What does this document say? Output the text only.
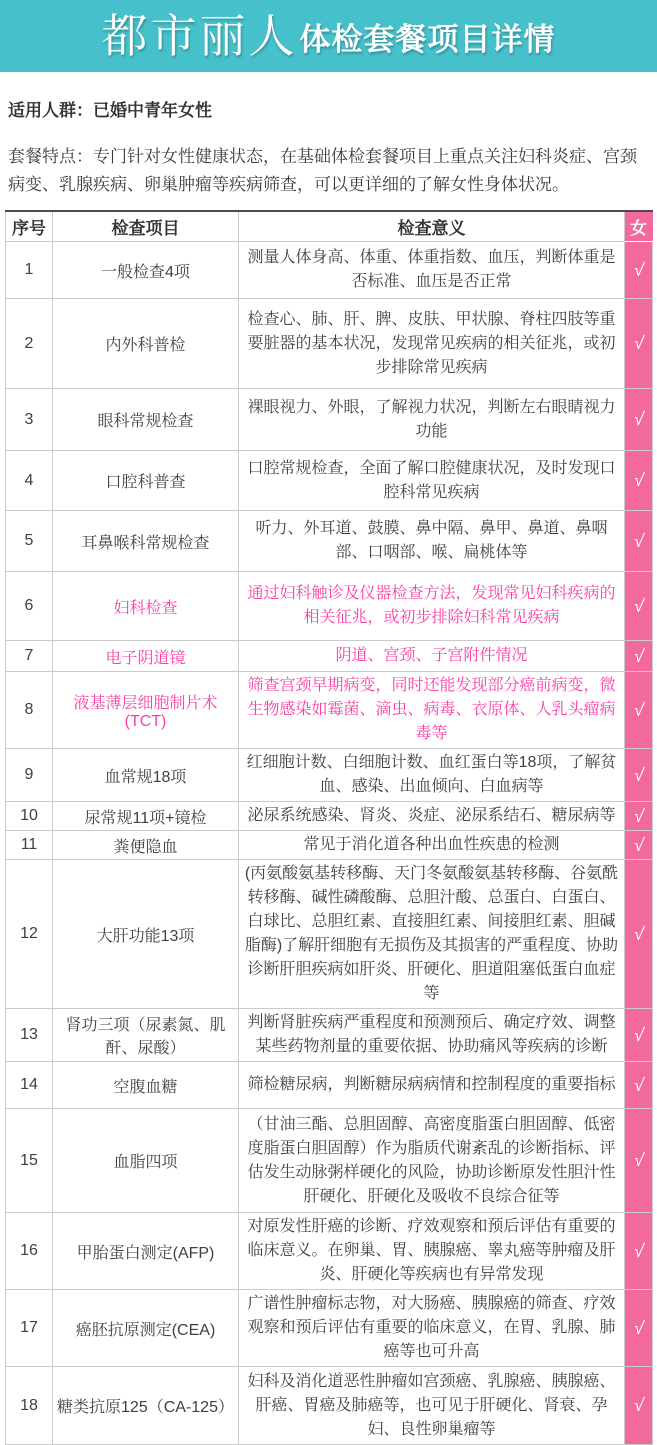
都市丽人 体检套餐项目详情
适用人群：已婚中青年女性
套餐特点：专门针对女性健康状态，在基础体检套餐项目上重点关注妇科炎症、宫颈病变、乳腺疾病、卵巢肿瘤等疾病筛查，可以更详细的了解女性身体状况。
序号	检查项目	检查意义	女
1	一般检查4项	测量人体身高、体重、体重指数、血压，判断体重是否标准、血压是否正常	√
2	内外科普检	检查心、肺、肝、脾、皮肤、甲状腺、脊柱四肢等重要脏器的基本状况，发现常见疾病的相关征兆，或初步排除常见疾病	√
3	眼科常规检查	裸眼视力、外眼，了解视力状况，判断左右眼睛视力功能	√
4	口腔科普查	口腔常规检查，全面了解口腔健康状况，及时发现口腔科常见疾病	√
5	耳鼻喉科常规检查	听力、外耳道、鼓膜、鼻中隔、鼻甲、鼻道、鼻咽部、口咽部、喉、扁桃体等	√
6	妇科检查	通过妇科触诊及仪器检查方法，发现常见妇科疾病的相关征兆，或初步排除妇科常见疾病	√
7	电子阴道镜	阴道、宫颈、子宫附件情况	√
8	液基薄层细胞制片术(TCT)	筛查宫颈早期病变，同时还能发现部分癌前病变，微生物感染如霉菌、滴虫、病毒、衣原体、人乳头瘤病毒等	√
9	血常规18项	红细胞计数、白细胞计数、血红蛋白等18项，了解贫血、感染、出血倾向、白血病等	√
10	尿常规11项+镜检	泌尿系统感染、肾炎、炎症、泌尿系结石、糖尿病等	√
11	粪便隐血	常见于消化道各种出血性疾患的检测	√
12	大肝功能13项	(丙氨酸氨基转移酶、天门冬氨酸氨基转移酶、谷氨酰转移酶、碱性磷酸酶、总胆汁酸、总蛋白、白蛋白、白球比、总胆红素、直接胆红素、间接胆红素、胆碱脂酶)了解肝细胞有无损伤及其损害的严重程度、协助诊断肝胆疾病如肝炎、肝硬化、胆道阻塞低蛋白血症等	√
13	肾功三项（尿素氮、肌酐、尿酸）	判断肾脏疾病严重程度和预测预后、确定疗效、调整某些药物剂量的重要依据、协助痛风等疾病的诊断	√
14	空腹血糖	筛检糖尿病，判断糖尿病病情和控制程度的重要指标	√
15	血脂四项	（甘油三酯、总胆固醇、高密度脂蛋白胆固醇、低密度脂蛋白胆固醇）作为脂质代谢紊乱的诊断指标、评估发生动脉粥样硬化的风险，协助诊断原发性胆汁性肝硬化、肝硬化及吸收不良综合征等	√
16	甲胎蛋白测定(AFP)	对原发性肝癌的诊断、疗效观察和预后评估有重要的临床意义。在卵巢、胃、胰腺癌、睾丸癌等肿瘤及肝炎、肝硬化等疾病也有异常发现	√
17	癌胚抗原测定(CEA)	广谱性肿瘤标志物，对大肠癌、胰腺癌的筛查、疗效观察和预后评估有重要的临床意义，在胃、乳腺、肺癌等也可升高	√
18	糖类抗原125（CA-125）	妇科及消化道恶性肿瘤如宫颈癌、乳腺癌、胰腺癌、肝癌、胃癌及肺癌等，也可见于肝硬化、肾衰、孕妇、良性卵巢瘤等	√
